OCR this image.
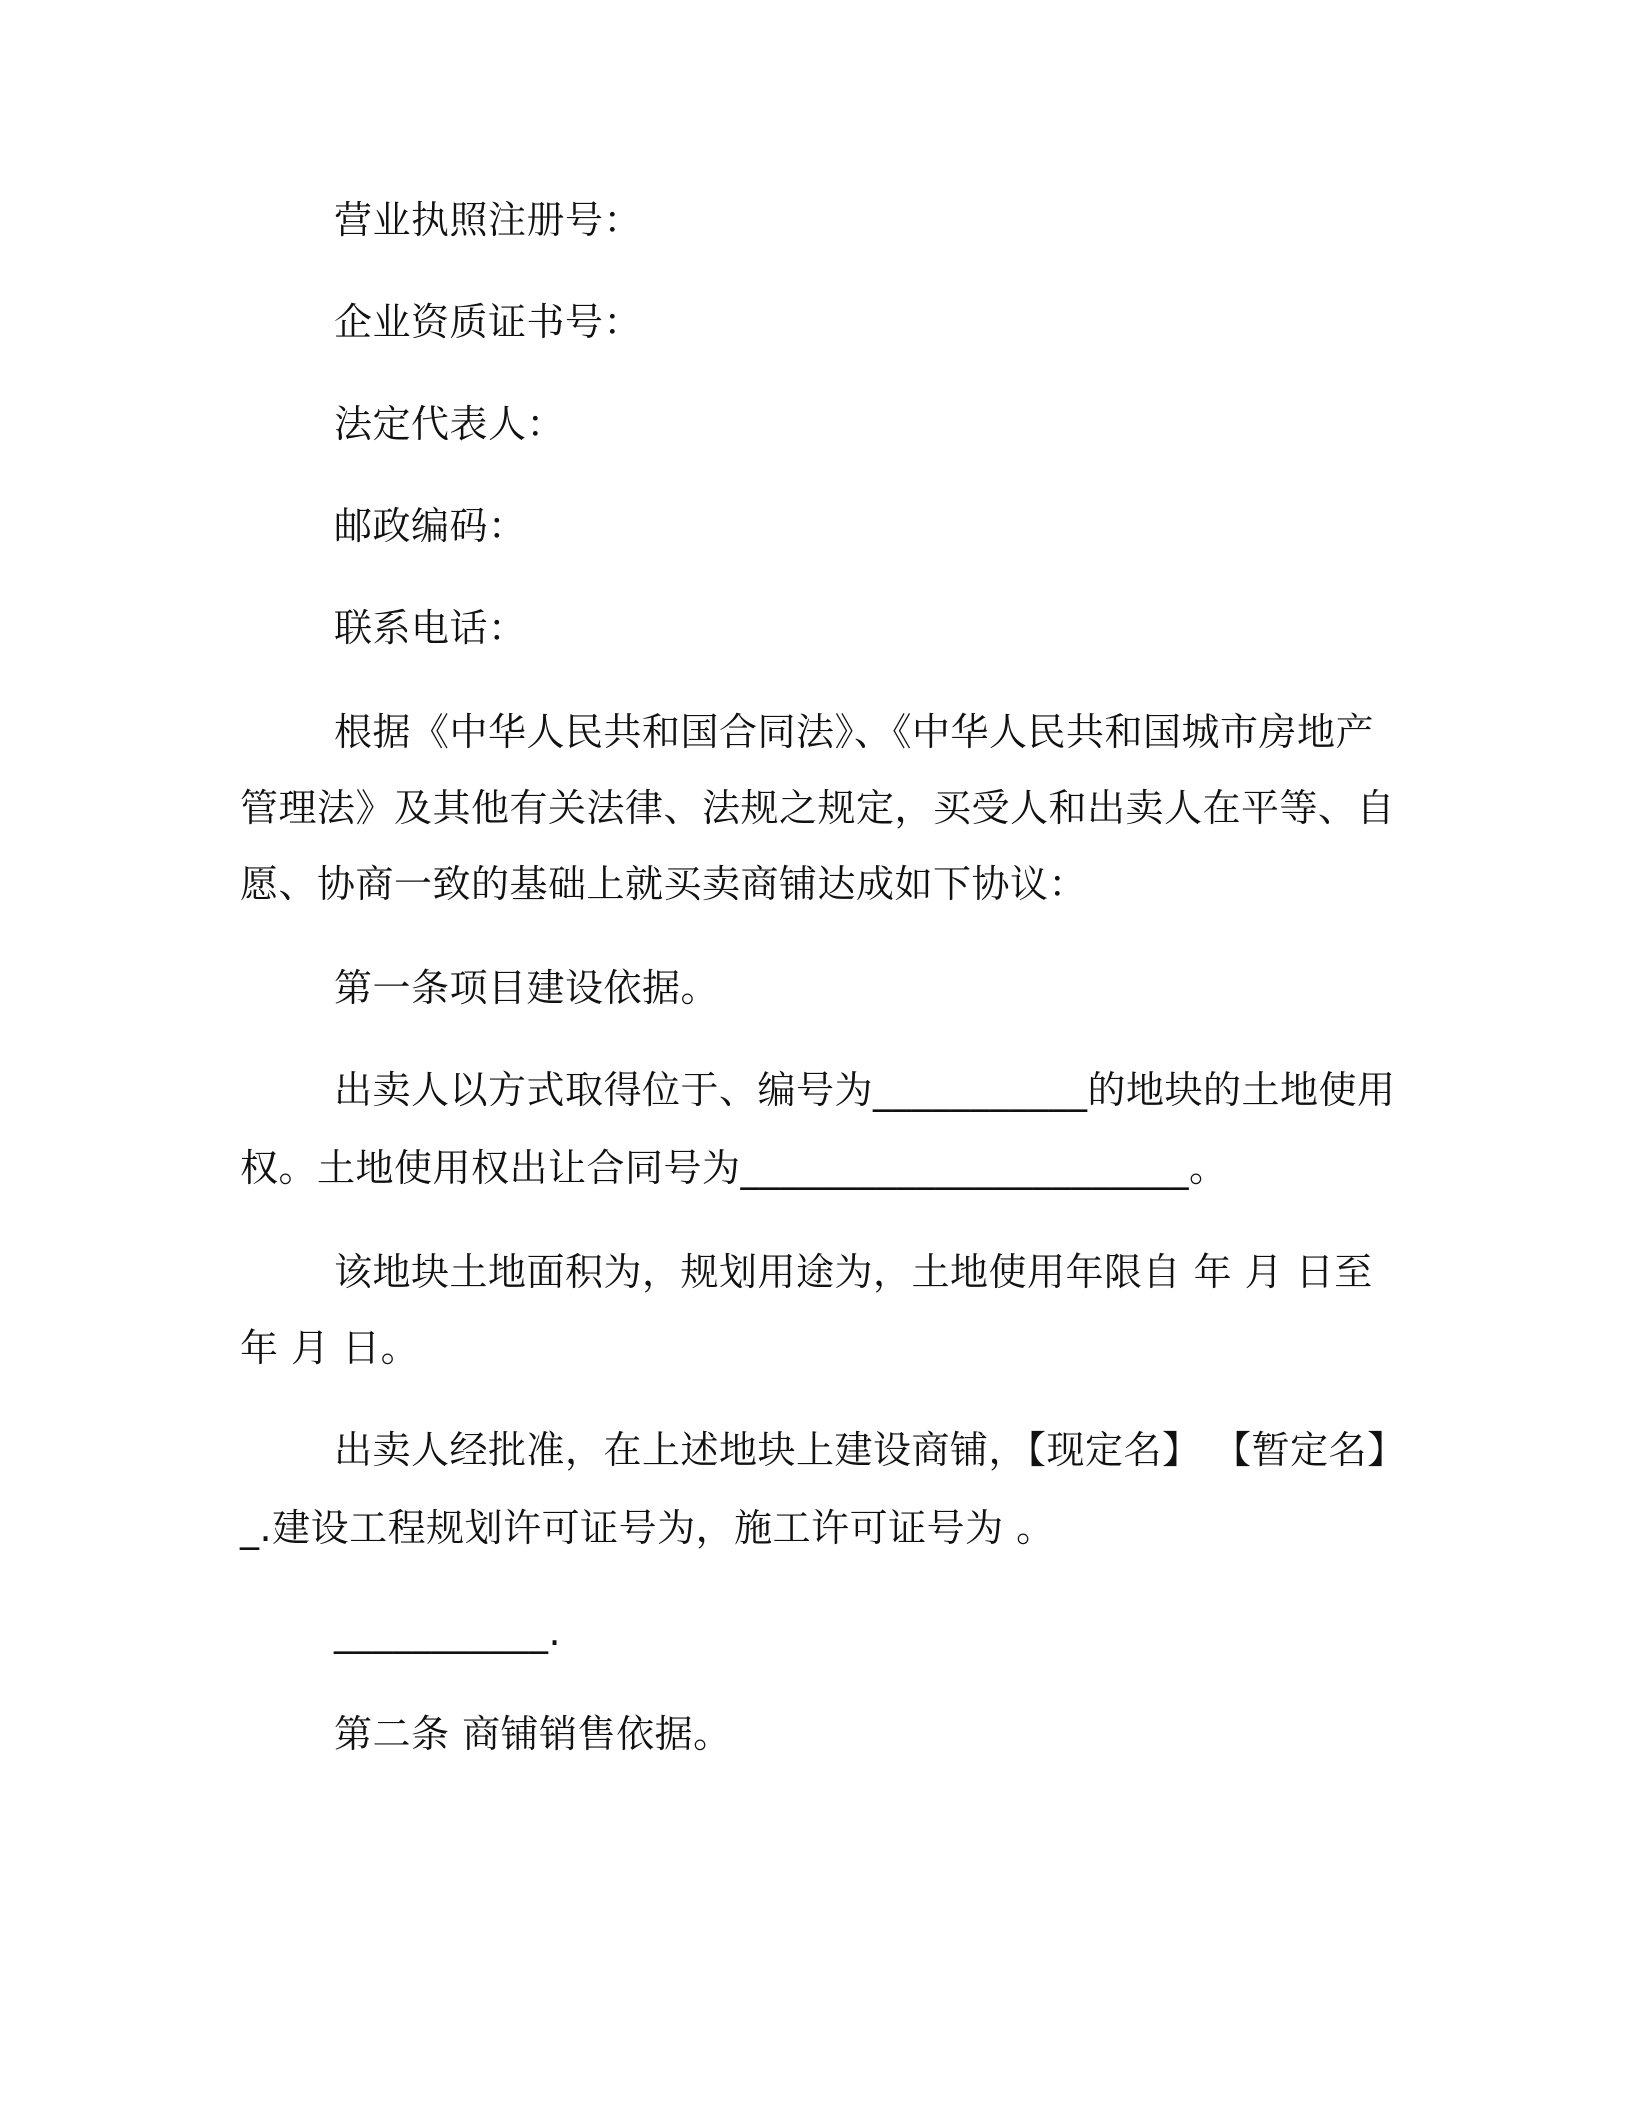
营业执照注册号：
企业资质证书号：
法定代表人：
邮政编码：
联系电话：
根据《中华人民共和国合同法》、《中华人民共和国城市房地产
管理法》及其他有关法律、法规之规定，买受人和出卖人在平等、自
愿、协商一致的基础上就买卖商铺达成如下协议：
第一条项目建设依据。
出卖人以方式取得位于、编号为___________的地块的土地使用
权。土地使用权出让合同号为_______________________。
该地块土地面积为，规划用途为，土地使用年限自 年 月 日至
年 月 日。
出卖人经批准，在上述地块上建设商铺，【现定名】 【暂定名】
_.建设工程规划许可证号为，施工许可证号为 。
___________.
第二条 商铺销售依据。
